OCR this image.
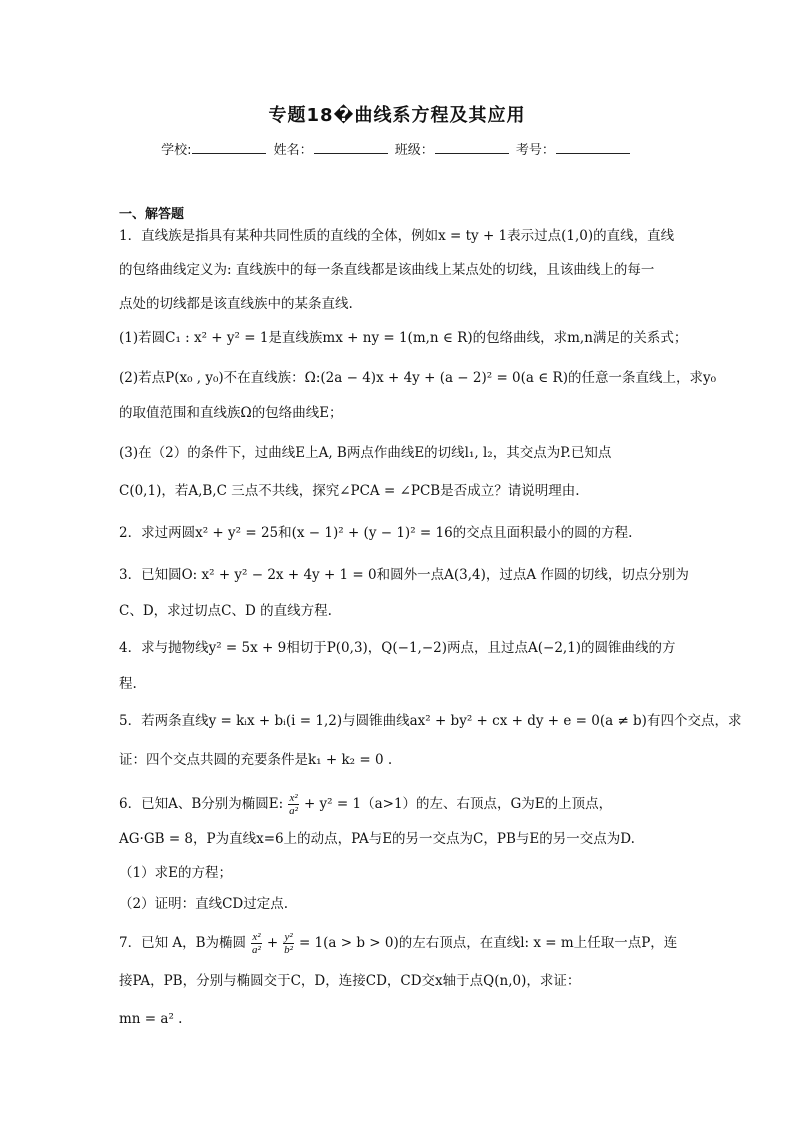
专题18�曲线系方程及其应用
学校:	姓名：	班级：	考号：
一、解答题
1．直线族是指具有某种共同性质的直线的全体，例如x = ty + 1表示过点(1,0)的直线，直线
的包络曲线定义为: 直线族中的每一条直线都是该曲线上某点处的切线，且该曲线上的每一
点处的切线都是该直线族中的某条直线.
(1)若圆C₁ : x² + y² = 1是直线族mx + ny = 1(m,n ∈ R)的包络曲线，求m,n满足的关系式；
(2)若点P(x₀ , y₀)不在直线族：Ω:(2a − 4)x + 4y + (a − 2)² = 0(a ∈ R)的任意一条直线上，求y₀
的取值范围和直线族Ω的包络曲线E；
(3)在（2）的条件下，过曲线E上A, B两点作曲线E的切线l₁, l₂，其交点为P.已知点
C(0,1)，若A,B,C 三点不共线，探究∠PCA = ∠PCB是否成立？请说明理由.
2．求过两圆x² + y² = 25和(x − 1)² + (y − 1)² = 16的交点且面积最小的圆的方程.
3．已知圆O: x² + y² − 2x + 4y + 1 = 0和圆外一点A(3,4)，过点A 作圆的切线，切点分别为
C、D，求过切点C、D 的直线方程.
4．求与抛物线y² = 5x + 9相切于P(0,3)，Q(−1,−2)两点，且过点A(−2,1)的圆锥曲线的方
程.
5．若两条直线y = kᵢx + bᵢ(i = 1,2)与圆锥曲线ax² + by² + cx + dy + e = 0(a ≠ b)有四个交点，求
证：四个交点共圆的充要条件是k₁ + k₂ = 0 .
6．已知A、B分别为椭圆E: $\frac{\text{x²}}{\text{a²}} + y^2 = 1(a>1)$的左、右顶点，G为E的上顶点，
AG·GB = 8，P为直线x=6上的动点，PA与E的另一交点为C，PB与E的另一交点为D.
（1）求E的方程；
（2）证明：直线CD过定点.
7．已知 A，B为椭圆 $\frac{\text{x²}}{\text{a²}} + \frac{\text{y²}}{\text{b²}} = 1(a > b > 0)$的左右顶点，在直线l: x = m上任取一点P，连
接PA，PB，分别与椭圆交于C，D，连接CD，CD交x轴于点Q(n,0)，求证：
mn = a² .
